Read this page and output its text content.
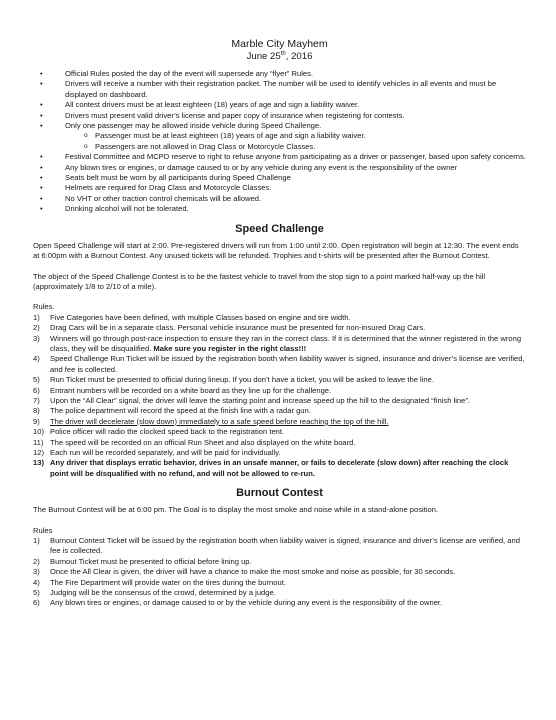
Marble City Mayhem
June 25th, 2016
• Official Rules posted the day of the event will supersede any “flyer” Rules.
• Drivers will receive a number with their registration packet. The number will be used to identify vehicles in all events and must be displayed on dashboard.
• All contest drivers must be at least eighteen (18) years of age and sign a liability waiver.
• Drivers must present valid driver’s license and paper copy of insurance when registering for contests.
• Only one passenger may be allowed inside vehicle during Speed Challenge.
o Passenger must be at least eighteen (18) years of age and sign a liability waiver.
o Passengers are not allowed in Drag Class or Motorcycle Classes.
• Festival Committee and MCPD reserve to right to refuse anyone from participating as a driver or passenger, based upon safety concerns.
• Any blown tires or engines, or damage caused to or by any vehicle during any event is the responsibility of the owner
• Seats belt must be worn by all participants during Speed Challenge
• Helmets are required for Drag Class and Motorcycle Classes.
• No VHT or other traction control chemicals will be allowed.
• Drinking alcohol will not be tolerated.
Speed Challenge

Open Speed Challenge will start at 2:00. Pre-registered drivers will run from 1:00 until 2:00. Open registration will begin at 12:30. The event ends at 6:00pm with a Burnout Contest. Any unused tickets will be refunded. Trophies and t-shirts will be presented after the Burnout Contest.

The object of the Speed Challenge Contest is to be the fastest vehicle to travel from the stop sign to a point marked half-way up the hill (approximately 1/8 to 2/10 of a mile).

Rules.

1) Five Categories have been defined, with multiple Classes based on engine and tire width.
2) Drag Cars will be in a separate class. Personal vehicle insurance must be presented for non-insured Drag Cars.
3) Winners will go through post-race inspection to ensure they ran in the correct class. If it is determined that the winner registered in the wrong class, they will be disqualified. Make sure you register in the right class!!!
4) Speed Challenge Run Ticket will be issued by the registration booth when liability waiver is signed, insurance and driver’s license are verified, and fee is collected.
5) Run Ticket must be presented to official during lineup. If you don’t have a ticket, you will be asked to leave the line.
6) Entrant numbers will be recorded on a white board as they line up for the challenge.
7) Upon the “All Clear” signal, the driver will leave the starting point and increase speed up the hill to the designated “finish line”.
8) The police department will record the speed at the finish line with a radar gun.
9) The driver will decelerate (slow down) immediately to a safe speed before reaching the top of the hill.
10) Police officer will radio the clocked speed back to the registration tent.
11) The speed will be recorded on an official Run Sheet and also displayed on the white board.
12) Each run will be recorded separately, and will be paid for individually.
13) Any driver that displays erratic behavior, drives in an unsafe manner, or fails to decelerate (slow down) after reaching the clock point will be disqualified with no refund, and will not be allowed to re-run.
Burnout Contest

The Burnout Contest will be at 6:00 pm. The Goal is to display the most smoke and noise while in a stand-alone position.

Rules

1) Burnout Contest Ticket will be issued by the registration booth when liability waiver is signed, insurance and driver’s license are verified, and fee is collected.
2) Burnout Ticket must be presented to official before lining up.
3) Once the All Clear is given, the driver will have a chance to make the most smoke and noise as possible, for 30 seconds.
4) The Fire Department will provide water on the tires during the burnout.
5) Judging will be the consensus of the crowd, determined by a judge.
6) Any blown tires or engines, or damage caused to or by the vehicle during any event is the responsibility of the owner.
